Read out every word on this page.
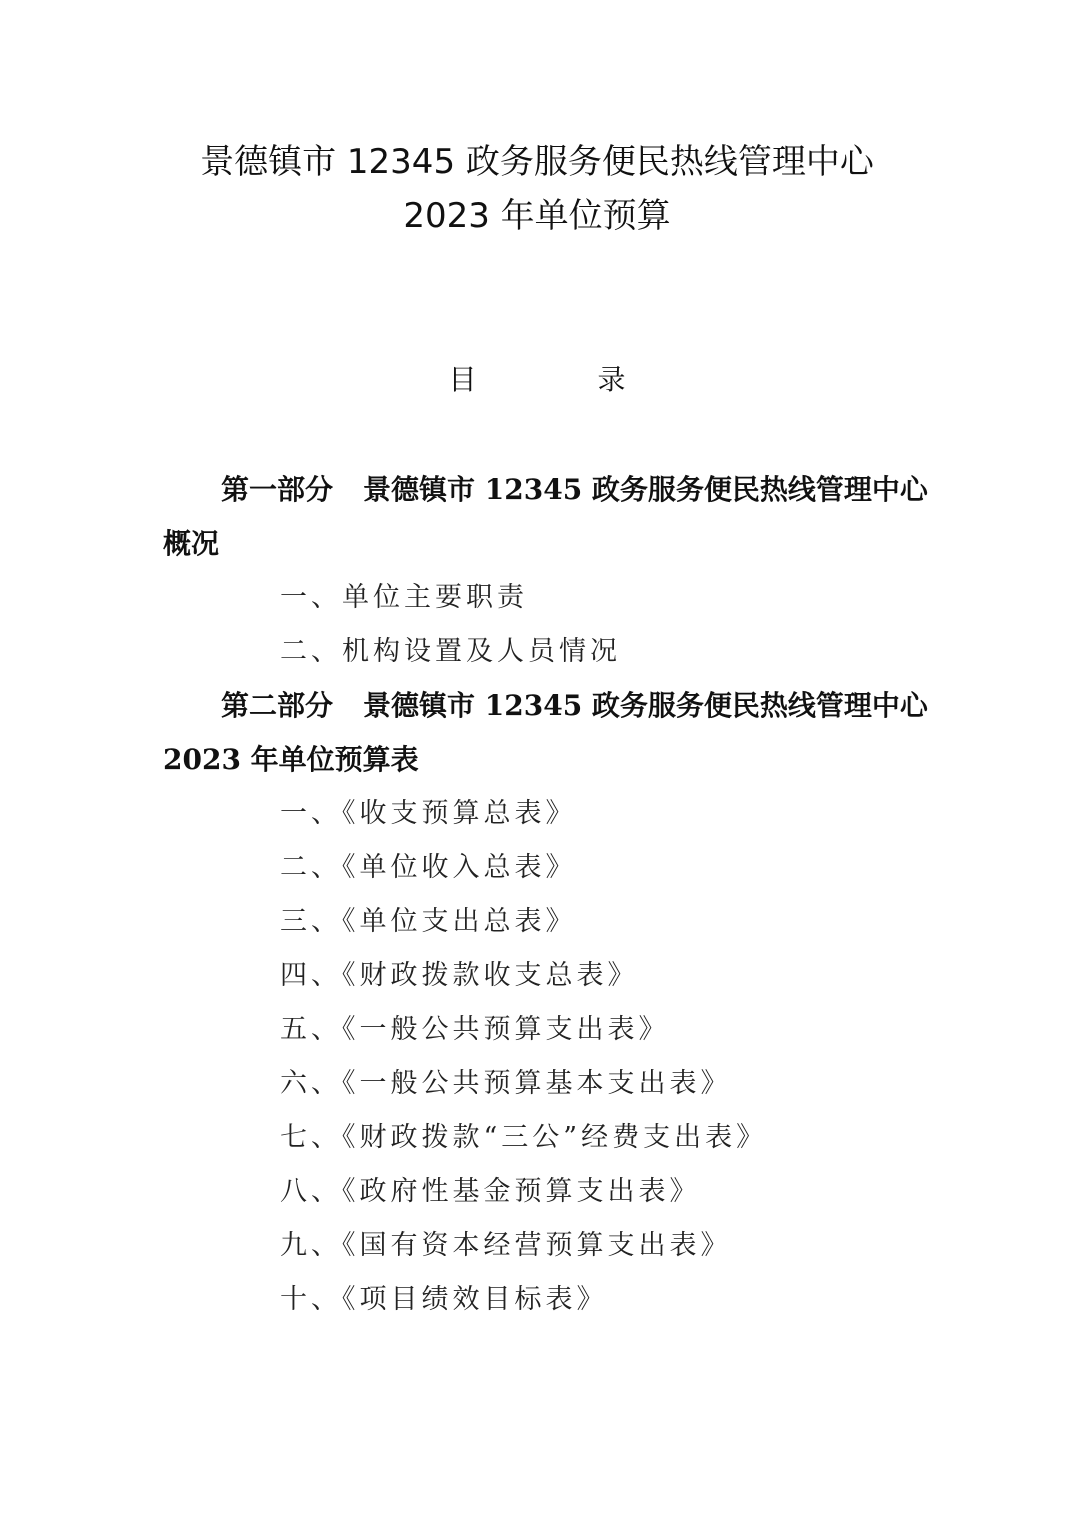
景德镇市 12345 政务服务便民热线管理中心
2023 年单位预算
目 录
第一部分 景德镇市 12345 政务服务便民热线管理中心
概况
一、单位主要职责
二、机构设置及人员情况
第二部分 景德镇市 12345 政务服务便民热线管理中心
2023 年单位预算表
一、《收支预算总表》
二、《单位收入总表》
三、《单位支出总表》
四、《财政拨款收支总表》
五、《一般公共预算支出表》
六、《一般公共预算基本支出表》
七、《财政拨款“三公”经费支出表》
八、《政府性基金预算支出表》
九、《国有资本经营预算支出表》
十、《项目绩效目标表》
